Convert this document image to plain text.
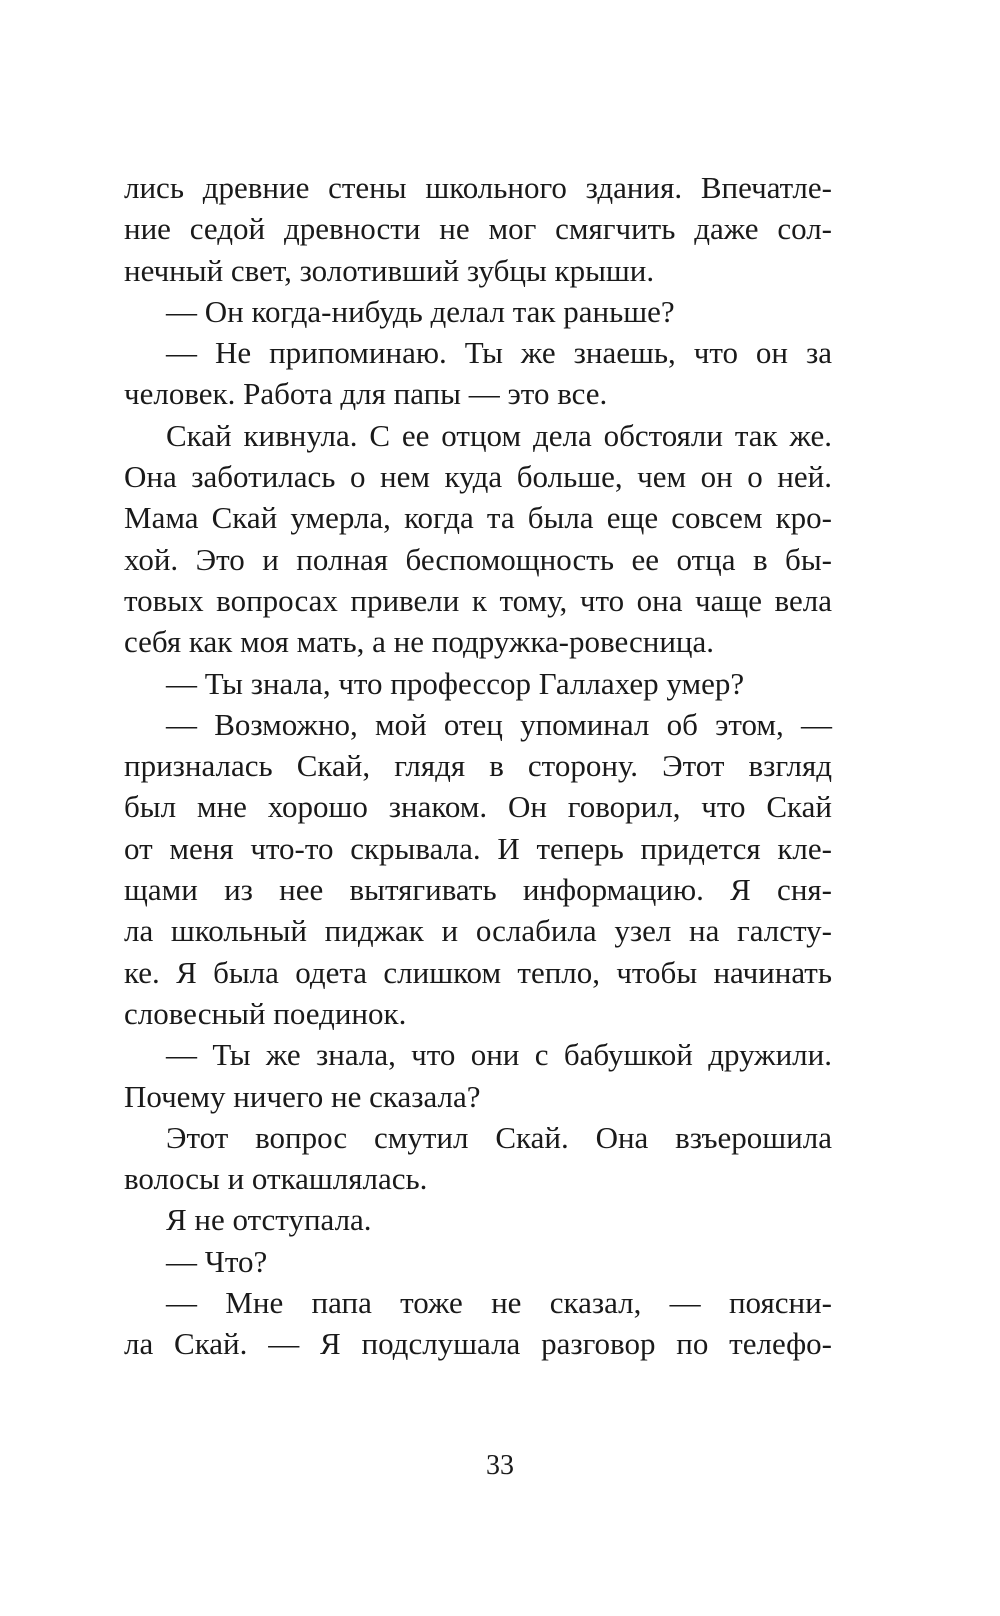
лись древние стены школьного здания. Впечатле-
ние седой древности не мог смягчить даже сол-
нечный свет, золотивший зубцы крыши.
— Он когда-нибудь делал так раньше?
— Не припоминаю. Ты же знаешь, что он за
человек. Работа для папы — это все.
Скай кивнула. С ее отцом дела обстояли так же.
Она заботилась о нем куда больше, чем он о ней.
Мама Скай умерла, когда та была еще совсем кро-
хой. Это и полная беспомощность ее отца в бы-
товых вопросах привели к тому, что она чаще вела
себя как моя мать, а не подружка-ровесница.
— Ты знала, что профессор Галлахер умер?
— Возможно, мой отец упоминал об этом, —
призналась Скай, глядя в сторону. Этот взгляд
был мне хорошо знаком. Он говорил, что Скай
от меня что-то скрывала. И теперь придется кле-
щами из нее вытягивать информацию. Я сня-
ла школьный пиджак и ослабила узел на галсту-
ке. Я была одета слишком тепло, чтобы начинать
словесный поединок.
— Ты же знала, что они с бабушкой дружили.
Почему ничего не сказала?
Этот вопрос смутил Скай. Она взъерошила
волосы и откашлялась.
Я не отступала.
— Что?
— Мне папа тоже не сказал, — поясни-
ла Скай. — Я подслушала разговор по телефо-
33
